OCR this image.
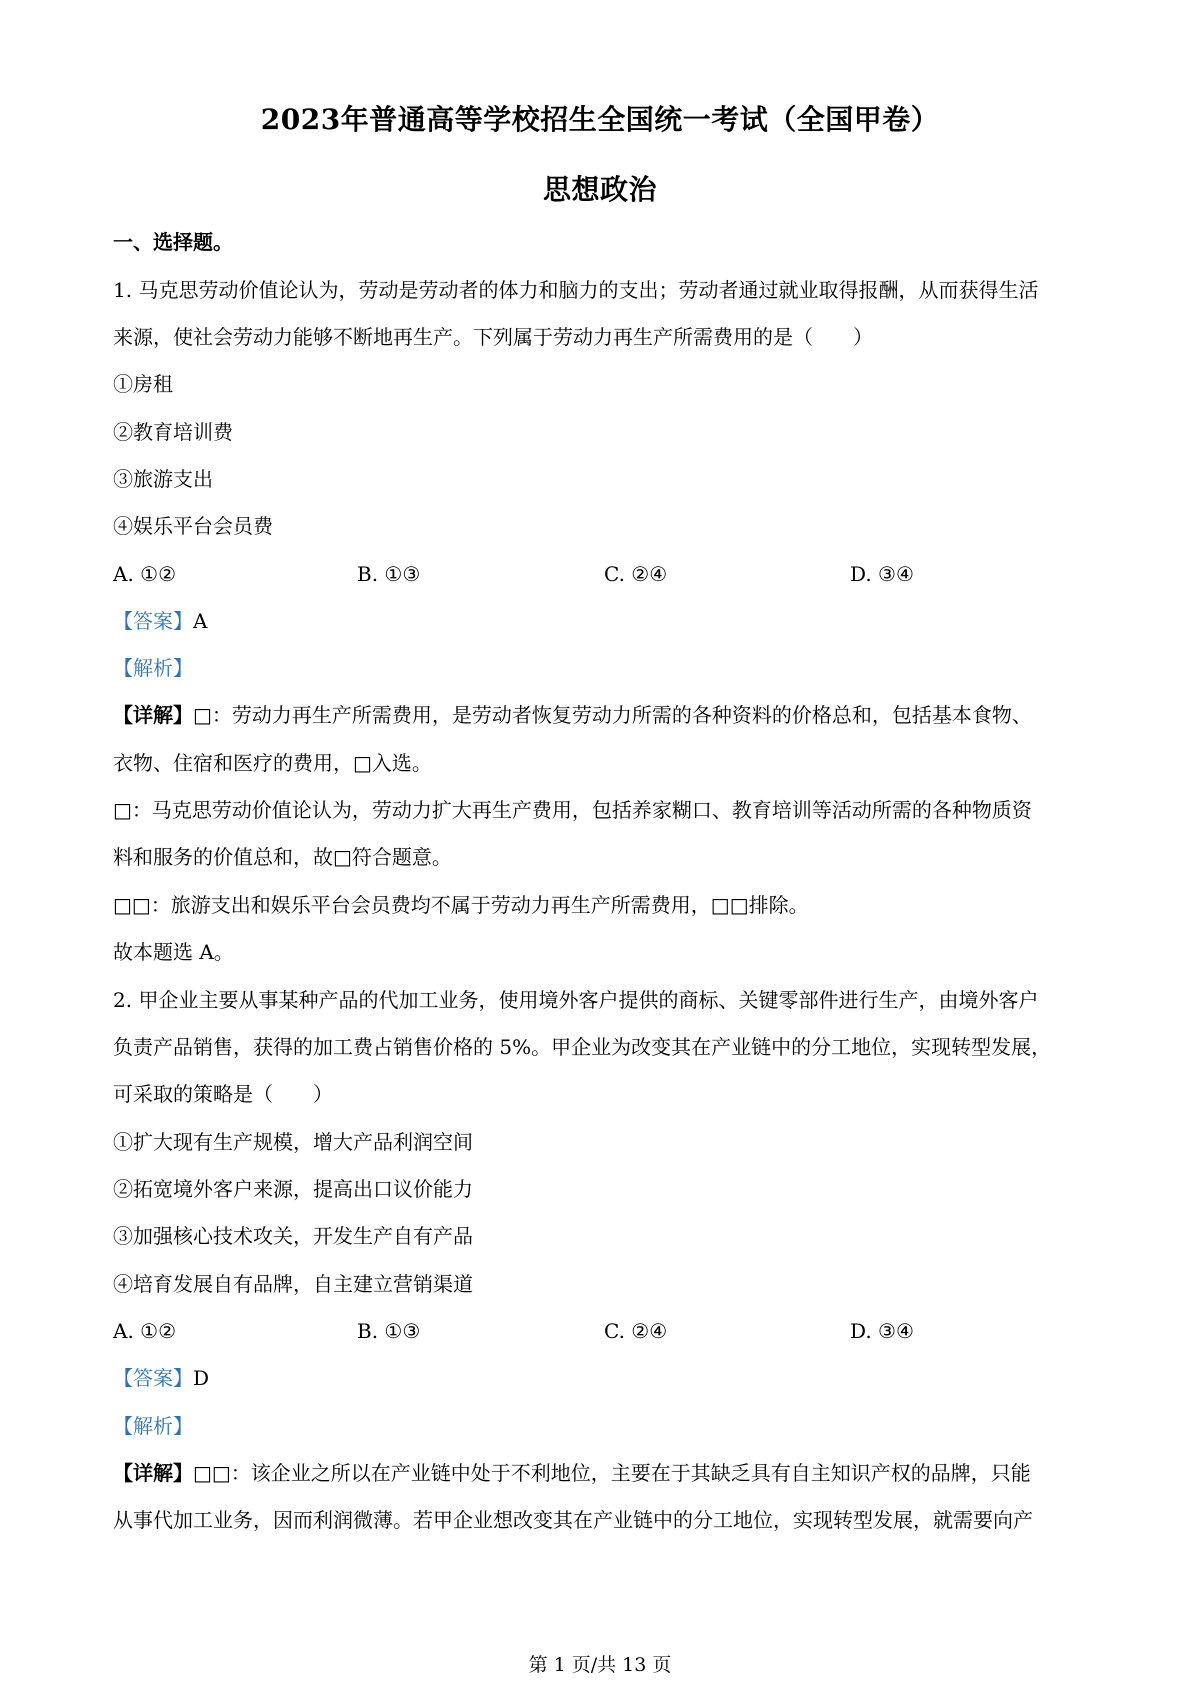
2023年普通高等学校招生全国统一考试（全国甲卷）
思想政治
一、选择题。
1. 马克思劳动价值论认为，劳动是劳动者的体力和脑力的支出；劳动者通过就业取得报酬，从而获得生活
来源，使社会劳动力能够不断地再生产。下列属于劳动力再生产所需费用的是（　　）
①房租
②教育培训费
③旅游支出
④娱乐平台会员费
A. ①②	B. ①③	C. ②④	D. ③④
【答案】A
【解析】
【详解】□：劳动力再生产所需费用，是劳动者恢复劳动力所需的各种资料的价格总和，包括基本食物、
衣物、住宿和医疗的费用，□入选。
□：马克思劳动价值论认为，劳动力扩大再生产费用，包括养家糊口、教育培训等活动所需的各种物质资
料和服务的价值总和，故□符合题意。
□□：旅游支出和娱乐平台会员费均不属于劳动力再生产所需费用，□□排除。
故本题选 A。
2. 甲企业主要从事某种产品的代加工业务，使用境外客户提供的商标、关键零部件进行生产，由境外客户
负责产品销售，获得的加工费占销售价格的 5%。甲企业为改变其在产业链中的分工地位，实现转型发展，
可采取的策略是（　　）
①扩大现有生产规模，增大产品利润空间
②拓宽境外客户来源，提高出口议价能力
③加强核心技术攻关，开发生产自有产品
④培育发展自有品牌，自主建立营销渠道
A. ①②	B. ①③	C. ②④	D. ③④
【答案】D
【解析】
【详解】□□：该企业之所以在产业链中处于不利地位，主要在于其缺乏具有自主知识产权的品牌，只能
从事代加工业务，因而利润微薄。若甲企业想改变其在产业链中的分工地位，实现转型发展，就需要向产
第 1 页/共 13 页
